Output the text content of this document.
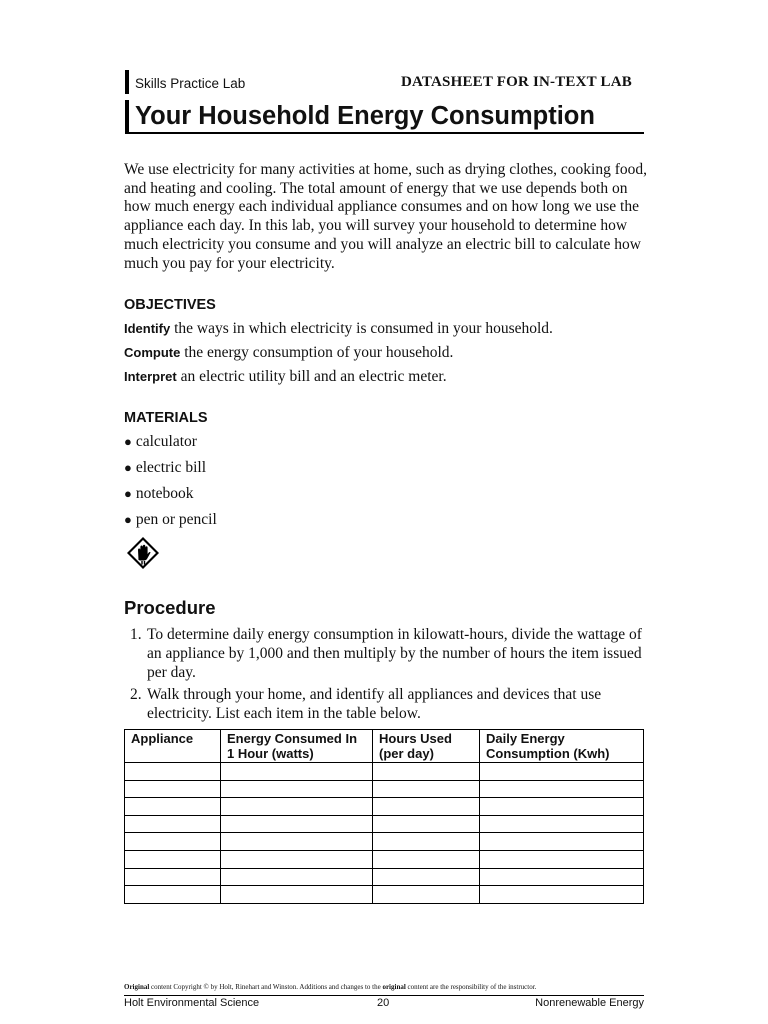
Skills Practice Lab	DATASHEET FOR IN-TEXT LAB
Your Household Energy Consumption
We use electricity for many activities at home, such as drying clothes, cooking food, and heating and cooling. The total amount of energy that we use depends both on how much energy each individual appliance consumes and on how long we use the appliance each day. In this lab, you will survey your household to determine how much electricity you consume and you will analyze an electric bill to calculate how much you pay for your electricity.
OBJECTIVES
Identify the ways in which electricity is consumed in your household.
Compute the energy consumption of your household.
Interpret an electric utility bill and an electric meter.
MATERIALS
● calculator
● electric bill
● notebook
● pen or pencil
Procedure
1. To determine daily energy consumption in kilowatt-hours, divide the wattage of an appliance by 1,000 and then multiply by the number of hours the item issued per day.
2. Walk through your home, and identify all appliances and devices that use electricity. List each item in the table below.
Appliance	Energy Consumed In 1 Hour (watts)	Hours Used (per day)	Daily Energy Consumption (Kwh)

Original content Copyright © by Holt, Rinehart and Winston. Additions and changes to the original content are the responsibility of the instructor.
Holt Environmental Science	20	Nonrenewable Energy
